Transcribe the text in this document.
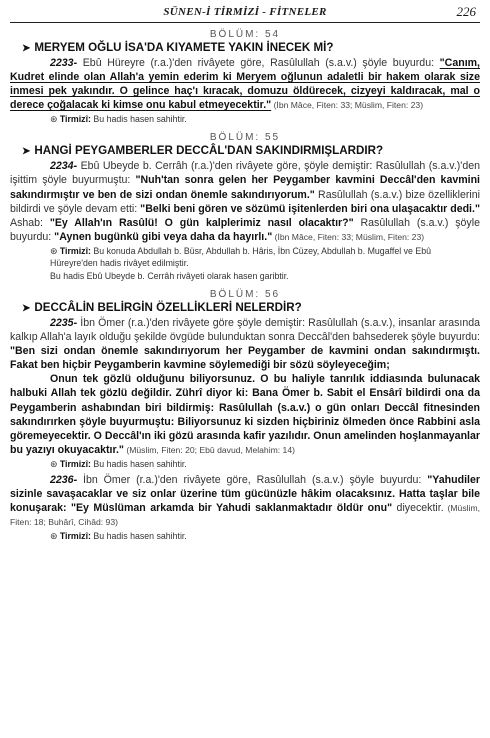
SÜNEN-İ TİRMİZİ - FİTNELER	226
BÖLÜM: 54
➤ MERYEM OĞLU İSA'DA KIYAMETE YAKIN İNECEK Mİ?

2233- Ebû Hüreyre (r.a.)'den rivâyete göre, Rasûlullah (s.a.v.) şöyle buyurdu: "Canım, Kudret elinde olan Allah'a yemin ederim ki Meryem oğlunun adaletli bir hakem olarak size inmesi pek yakındır. O gelince haç'ı kıracak, domuzu öldürecek, cizyeyi kaldıracak, mal o derece çoğalacak ki kimse onu kabul etmeyecektir." (İbn Mâce, Fiten: 33; Müslim, Fiten: 23)

⊛ Tirmizî: Bu hadis hasen sahihtir.
BÖLÜM: 55
➤ HANGİ PEYGAMBERLER DECCÂL'DAN SAKINDIRMIŞLARDIR?

2234- Ebû Ubeyde b. Cerrâh (r.a.)'den rivâyete göre, şöyle demiştir: Rasûlullah (s.a.v.)'den işittim şöyle buyurmuştu: "Nuh'tan sonra gelen her Peygamber kavmini Deccâl'den kavmini sakındırmıştır ve ben de sizi ondan önemle sakındırıyorum." Rasûlullah (s.a.v.) bize özelliklerini bildirdi ve şöyle devam etti: "Belki beni gören ve sözümü işitenlerden biri ona ulaşacaktır dedi." Ashab: "Ey Allah'ın Rasûlü! O gün kalplerimiz nasıl olacaktır?" Rasûlullah (s.a.v.) şöyle buyurdu: "Aynen bugünkü gibi veya daha da hayırlı." (İbn Mâce, Fiten: 33; Müslim, Fiten: 23)

⊛ Tirmizî: Bu konuda Abdullah b. Büsr, Abdullah b. Hâris, İbn Cüzey, Abdullah b. Mugaffel ve Ebû Hüreyre'den hadis rivâyet edilmiştir.
Bu hadis Ebû Ubeyde b. Cerrâh rivâyeti olarak hasen garibtir.
BÖLÜM: 56
➤ DECCÂLİN BELİRGİN ÖZELLİKLERİ NELERDİR?

2235- İbn Ömer (r.a.)'den rivâyete göre şöyle demiştir: Rasûlullah (s.a.v.), insanlar arasında kalkıp Allah'a layık olduğu şekilde övgüde bulunduktan sonra Deccâl'den bahsederek şöyle buyurdu: "Ben sizi ondan önemle sakındırıyorum her Peygamber de kavmini ondan sakındırmıştı. Fakat ben hiçbir Peygamberin kavmine söylemediği bir sözü söyleyeceğim;

Onun tek gözlü olduğunu biliyorsunuz. O bu haliyle tanrılık iddiasında bulunacak halbuki Allah tek gözlü değildir. Zührî diyor ki: Bana Ömer b. Sabit el Ensârî bildirdi ona da Peygamberin ashabından biri bildirmiş: Rasûlullah (s.a.v.) o gün onları Deccâl fitnesinden sakındırırken şöyle buyurmuştu: Biliyorsunuz ki sizden hiçbiriniz ölmeden önce Rabbini asla göremeyecektir. O Deccâl'ın iki gözü arasında kafir yazılıdır. Onun amelinden hoşlanmayanlar bu yazıyı okuyacaktır." (Müslim, Fiten: 20; Ebû davud, Melahim: 14)

⊛ Tirmizî: Bu hadis hasen sahihtir.

2236- İbn Ömer (r.a.)'den rivâyete göre, Rasûlullah (s.a.v.) şöyle buyurdu: "Yahudiler sizinle savaşacaklar ve siz onlar üzerine tüm gücünüzle hâkim olacaksınız. Hatta taşlar bile konuşarak: "Ey Müslüman arkamda bir Yahudi saklanmaktadır öldür onu" diyecektir. (Müslim, Fiten: 18; Buhârî, Cihâd: 93)

⊛ Tirmizî: Bu hadis hasen sahihtir.
